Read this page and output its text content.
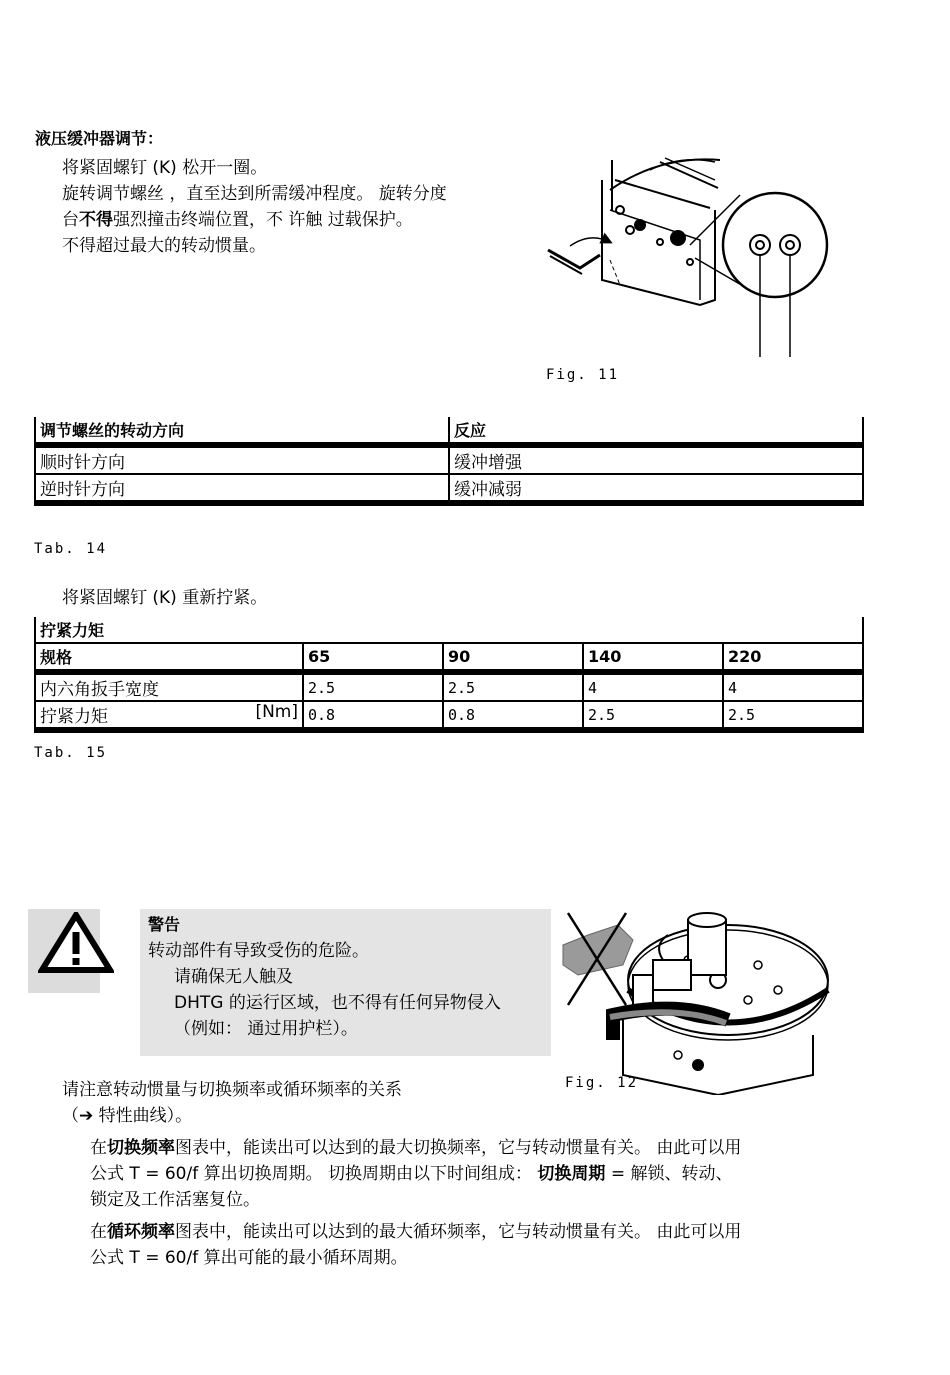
液压缓冲器调节：
将紧固螺钉 (K) 松开一圈。
旋转调节螺丝 ，直至达到所需缓冲程度。 旋转分度
台不得强烈撞击终端位置，不 许触 过载保护。
不得超过最大的转动惯量。
Fig. 11
调节螺丝的转动方向	反应
顺时针方向	缓冲增强
逆时针方向	缓冲减弱
Tab. 14
将紧固螺钉 (K) 重新拧紧。
拧紧力矩				
规格	65	90	140	220
内六角扳手宽度	2.5	2.5	4	4
拧紧力矩 [Nm]	0.8	0.8	2.5	2.5
Tab. 15
警告
转动部件有导致受伤的危险。
请确保无人触及
DHTG 的运行区域，也不得有任何异物侵入
（例如： 通过用护栏）。
Fig. 12
请注意转动惯量与切换频率或循环频率的关系
（➔ 特性曲线）。
在切换频率图表中，能读出可以达到的最大切换频率，它与转动惯量有关。 由此可以用
公式 T = 60/f 算出切换周期。 切换周期由以下时间组成： 切换周期 = 解锁、转动、
锁定及工作活塞复位。
在循环频率图表中，能读出可以达到的最大循环频率，它与转动惯量有关。 由此可以用
公式 T = 60/f 算出可能的最小循环周期。
